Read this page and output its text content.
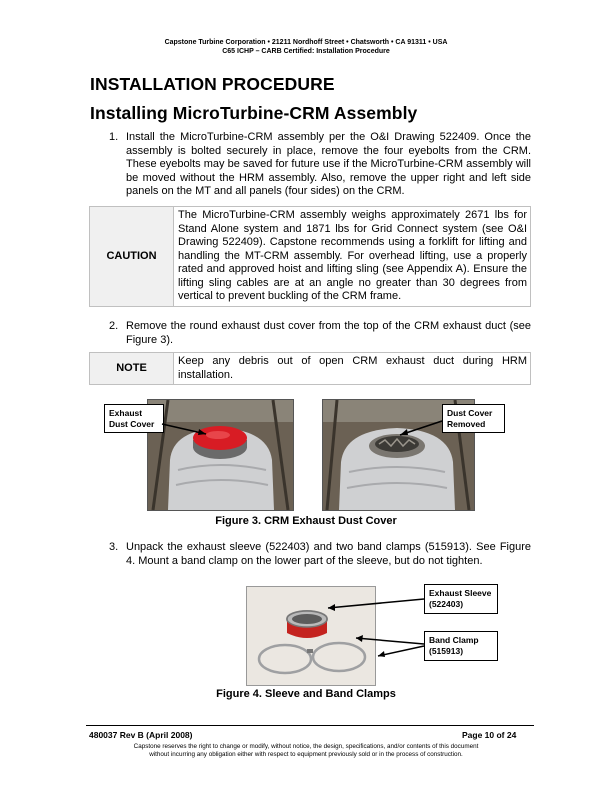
Capstone Turbine Corporation • 21211 Nordhoff Street • Chatsworth • CA 91311 • USA
C65 ICHP – CARB Certified: Installation Procedure
INSTALLATION PROCEDURE
Installing MicroTurbine-CRM Assembly
1. Install the MicroTurbine-CRM assembly per the O&I Drawing 522409. Once the assembly is bolted securely in place, remove the four eyebolts from the CRM. These eyebolts may be saved for future use if the MicroTurbine-CRM assembly will be moved without the HRM assembly. Also, remove the upper right and left side panels on the MT and all panels (four sides) on the CRM.
CAUTION	The MicroTurbine-CRM assembly weighs approximately 2671 lbs for Stand Alone system and 1871 lbs for Grid Connect system (see O&I Drawing 522409). Capstone recommends using a forklift for lifting and handling the MT-CRM assembly. For overhead lifting, use a properly rated and approved hoist and lifting sling (see Appendix A). Ensure the lifting sling cables are at an angle no greater than 30 degrees from vertical to prevent buckling of the CRM frame.
2. Remove the round exhaust dust cover from the top of the CRM exhaust duct (see Figure 3).
NOTE	Keep any debris out of open CRM exhaust duct during HRM installation.
Exhaust
Dust Cover
Dust Cover
Removed
Figure 3. CRM Exhaust Dust Cover
3. Unpack the exhaust sleeve (522403) and two band clamps (515913). See Figure 4. Mount a band clamp on the lower part of the sleeve, but do not tighten.
Exhaust Sleeve
(522403)
Band Clamp
(515913)
Figure 4. Sleeve and Band Clamps
480037 Rev B (April 2008)	Page 10 of 24
Capstone reserves the right to change or modify, without notice, the design, specifications, and/or contents of this document
without incurring any obligation either with respect to equipment previously sold or in the process of construction.
